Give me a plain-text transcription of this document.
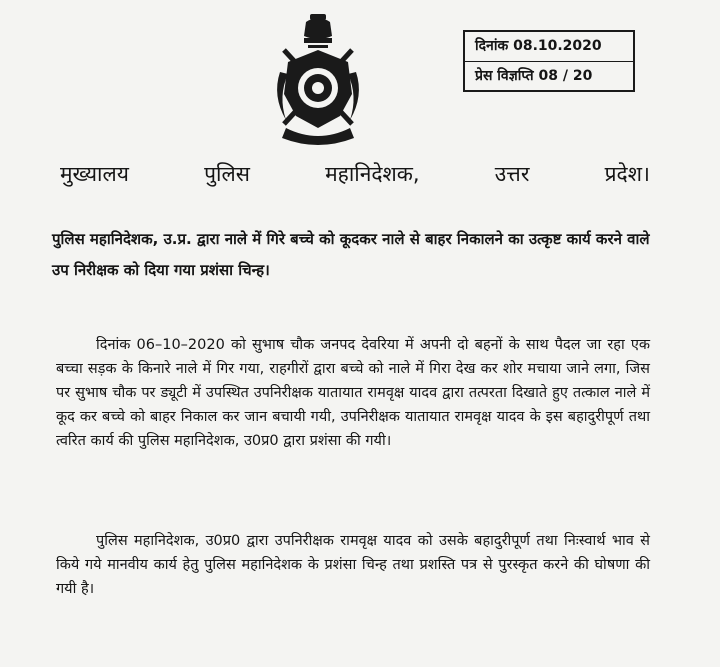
दिनांक 08.10.2020
प्रेस विज्ञप्ति 08 / 20
मुख्यालय	पुलिस	महानिदेशक,	उत्तर	प्रदेश।
पुलिस महानिदेशक, उ.प्र. द्वारा नाले में गिरे बच्चे को कूदकर नाले से बाहर निकालने का उत्कृष्ट कार्य करने वाले उप निरीक्षक को दिया गया प्रशंसा चिन्ह।

दिनांक 06–10–2020 को सुभाष चौक जनपद देवरिया में अपनी दो बहनों के साथ पैदल जा रहा एक बच्चा सड़क के किनारे नाले में गिर गया, राहगीरों द्वारा बच्चे को नाले में गिरा देख कर शोर मचाया जाने लगा, जिस पर सुभाष चौक पर ड्यूटी में उपस्थित उपनिरीक्षक यातायात रामवृक्ष यादव द्वारा तत्परता दिखाते हुए तत्काल नाले में कूद कर बच्चे को बाहर निकाल कर जान बचायी गयी, उपनिरीक्षक यातायात रामवृक्ष यादव के इस बहादुरीपूर्ण तथा त्वरित कार्य की पुलिस महानिदेशक, उ0प्र0 द्वारा प्रशंसा की गयी।

पुलिस महानिदेशक, उ0प्र0 द्वारा उपनिरीक्षक रामवृक्ष यादव को उसके बहादुरीपूर्ण तथा निःस्वार्थ भाव से किये गये मानवीय कार्य हेतु पुलिस महानिदेशक के प्रशंसा चिन्ह तथा प्रशस्ति पत्र से पुरस्कृत करने की घोषणा की गयी है।
